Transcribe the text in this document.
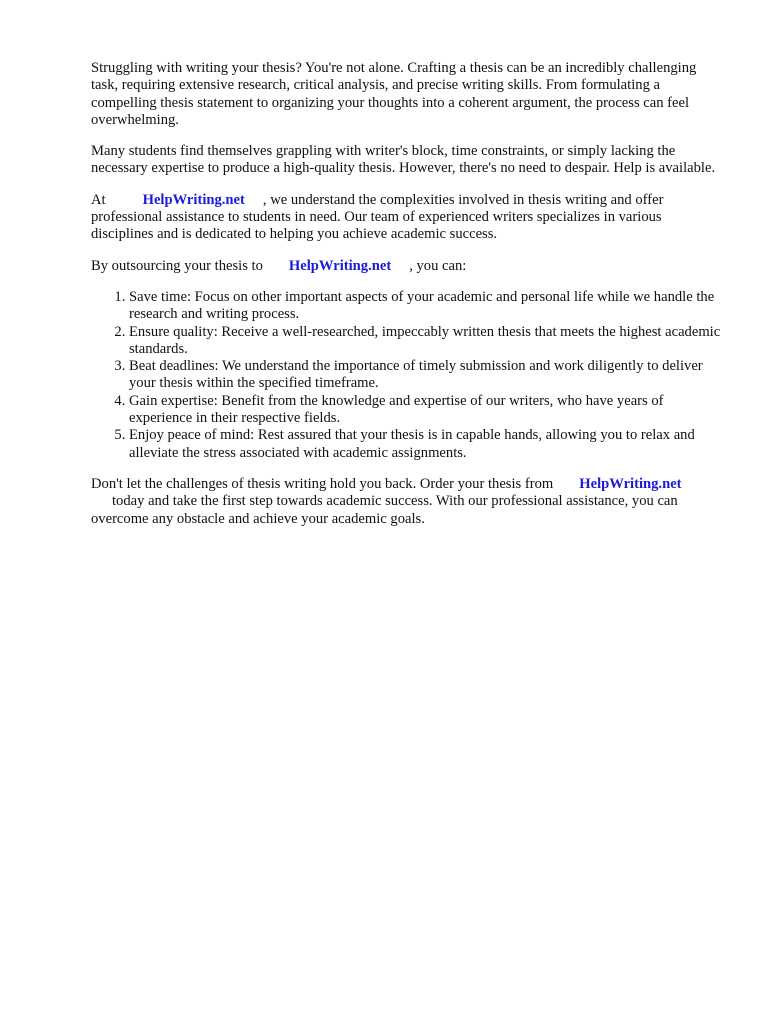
Struggling with writing your thesis? You're not alone. Crafting a thesis can be an incredibly challenging task, requiring extensive research, critical analysis, and precise writing skills. From formulating a compelling thesis statement to organizing your thoughts into a coherent argument, the process can feel overwhelming.

Many students find themselves grappling with writer's block, time constraints, or simply lacking the necessary expertise to produce a high-quality thesis. However, there's no need to despair. Help is available.

At	HelpWriting.net , we understand the complexities involved in thesis writing and offer professional assistance to students in need. Our team of experienced writers specializes in various disciplines and is dedicated to helping you achieve academic success.

By outsourcing your thesis to HelpWriting.net , you can:

1. Save time: Focus on other important aspects of your academic and personal life while we handle the research and writing process.
2. Ensure quality: Receive a well-researched, impeccably written thesis that meets the highest academic standards.
3. Beat deadlines: We understand the importance of timely submission and work diligently to deliver your thesis within the specified timeframe.
4. Gain expertise: Benefit from the knowledge and expertise of our writers, who have years of experience in their respective fields.
5. Enjoy peace of mind: Rest assured that your thesis is in capable hands, allowing you to relax and alleviate the stress associated with academic assignments.

Don't let the challenges of thesis writing hold you back. Order your thesis from HelpWriting.net
today and take the first step towards academic success. With our professional assistance, you can overcome any obstacle and achieve your academic goals.
